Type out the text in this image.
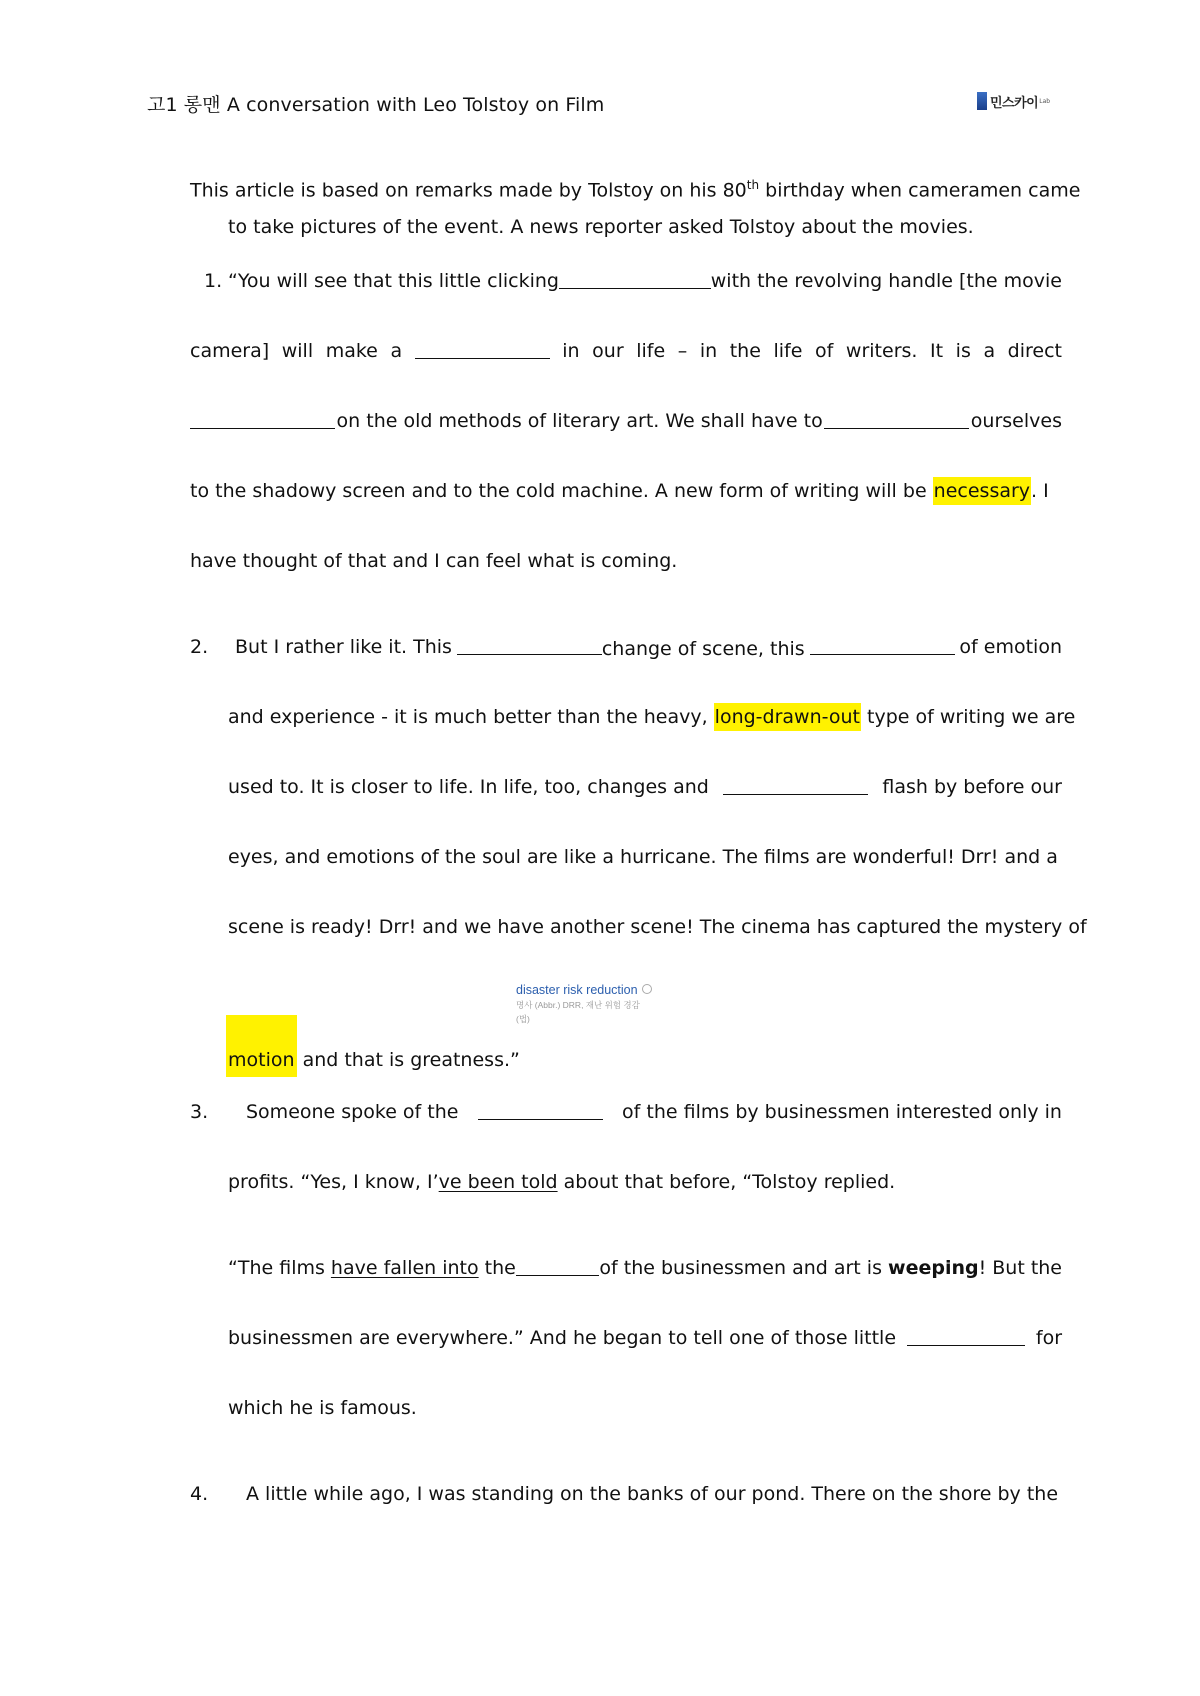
고1 롱맨 A conversation with Leo Tolstoy on Film	민스카이 Lab
This article is based on remarks made by Tolstoy on his 80th birthday when cameramen came
to take pictures of the event. A news reporter asked Tolstoy about the movies.
1. “You will see that this little clicking	with the revolving handle [the movie
camera] will make a	in our life – in the life of writers. It is a direct
on the old methods of literary art. We shall have to	ourselves
to the shadowy screen and to the cold machine. A new form of writing will be necessary. I
have thought of that and I can feel what is coming.
2. But I rather like it. This	change of scene, this	of emotion
and experience - it is much better than the heavy, long-drawn-out type of writing we are
used to. It is closer to life. In life, too, changes and	flash by before our
eyes, and emotions of the soul are like a hurricane. The films are wonderful! Drr! and a
scene is ready! Drr! and we have another scene! The cinema has captured the mystery of
motion and that is greatness.”
disaster risk reduction
명사 (Abbr.) DRR, 재난 위험 경감
(법)
3. Someone spoke of the	of the films by businessmen interested only in
profits. “Yes, I know, I’ve been told about that before, “Tolstoy replied.
“The films have fallen into the	of the businessmen and art is weeping! But the
businessmen are everywhere.” And he began to tell one of those little	for
which he is famous.
4. A little while ago, I was standing on the banks of our pond. There on the shore by the
